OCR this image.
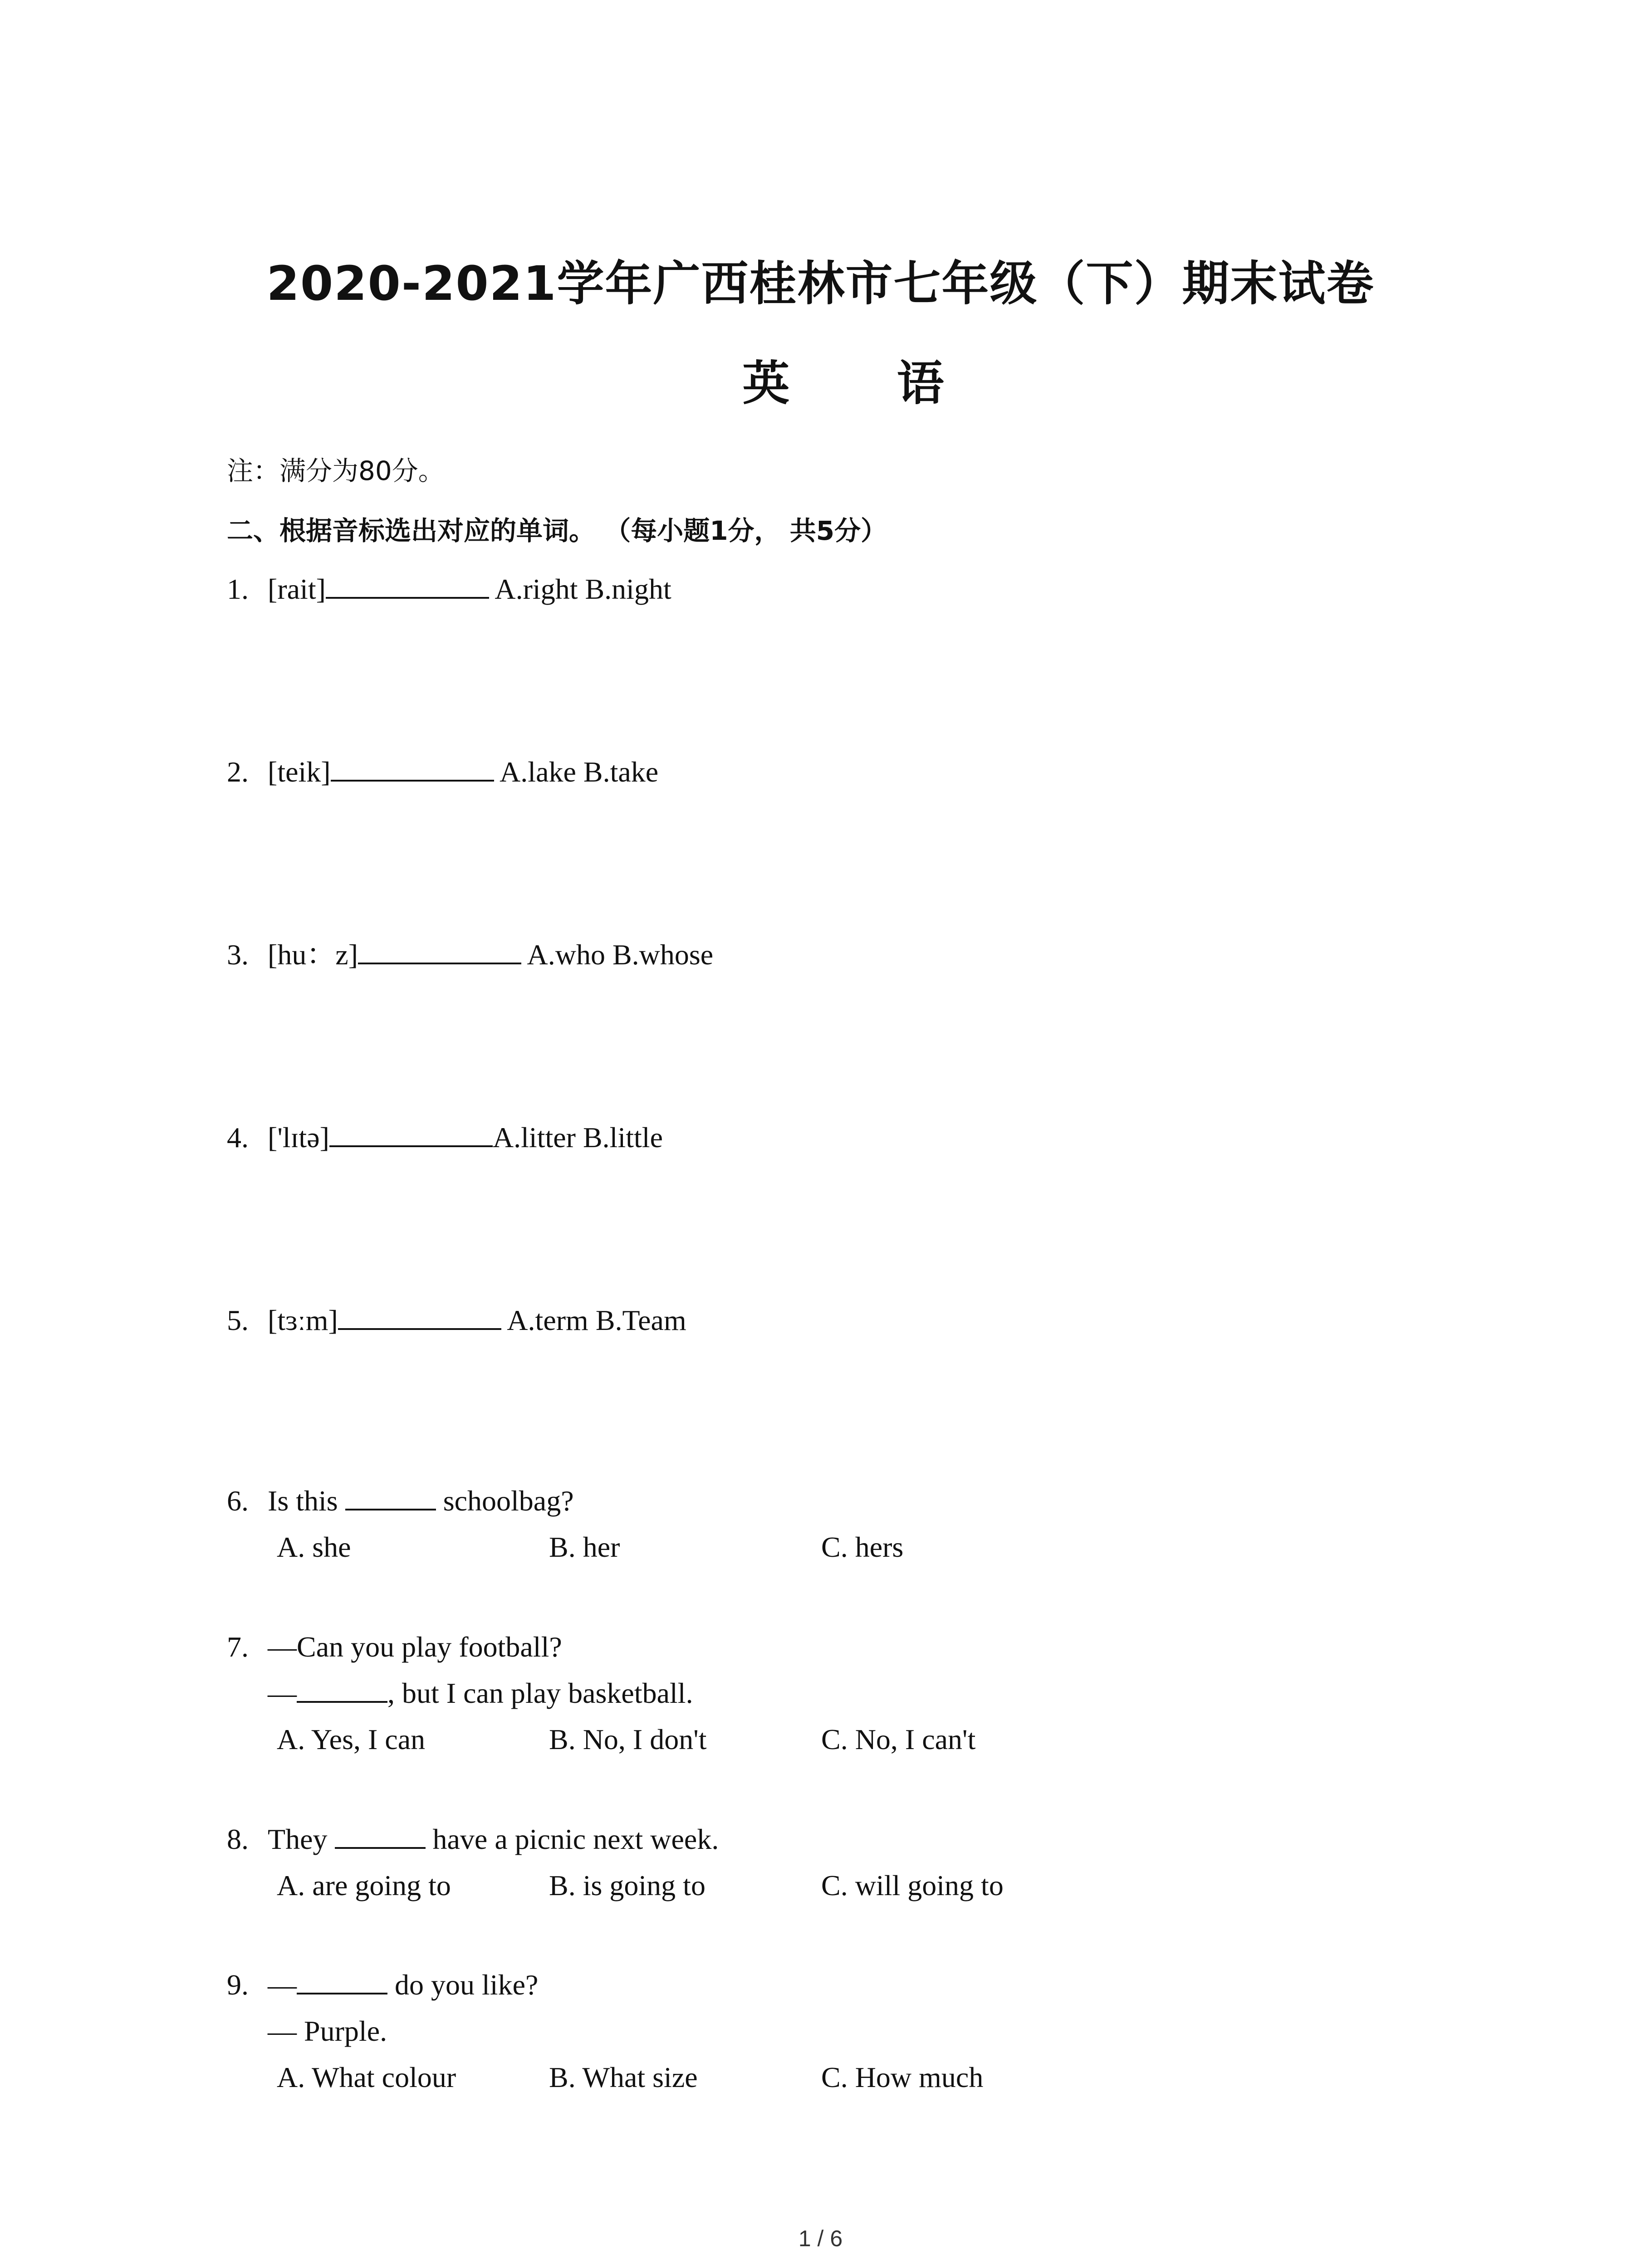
2020-2021学年广西桂林市七年级（下）期末试卷
英 语
注：满分为80分。
二、根据音标选出对应的单词。 （每小题1分， 共5分）
1. [rait]	A.right B.night
2. [teik]	A.lake B.take
3. [hu：z]	A.who B.whose
4. ['lɪtə]	A.litter B.little
5. [tɜːm]	A.term B.Team
6. Is this	schoolbag?
A. she	B. her	C. hers
7. —Can you play football?
—	, but I can play basketball.
A. Yes, I can	B. No, I don't	C. No, I can't
8. They	have a picnic next week.
A. are going to	B. is going to	C. will going to
9. —	do you like?
— Purple.
A. What colour	B. What size	C. How much
1 / 6
